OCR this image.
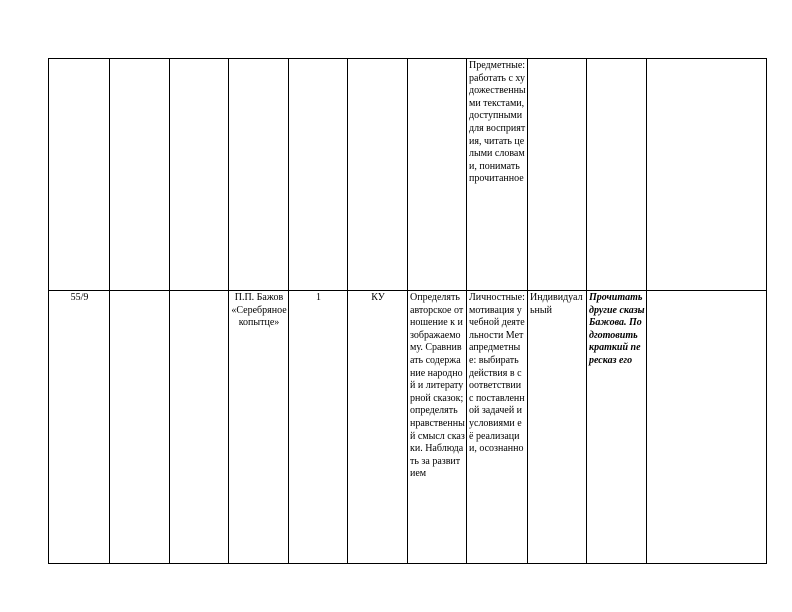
							Предметные: работать с художественными текстами, доступными для восприятия, читать целыми словами, понимать прочитанное			
55/9			П.П. Бажов «Серебряное копытце»	1	КУ	Определять авторское отношение к изображаемому. Сравнивать содержание народной и литературной сказок; определять нравственный смысл сказки. Наблюдать за развитием	Личностные: мотивация учебной деятельности Метапредметные: выбирать действия в соответствии с поставленной задачей и условиями её реализации, осознанно	Индивидуальный	Прочитать другие сказы Бажова. Подготовить краткий пересказ его	
